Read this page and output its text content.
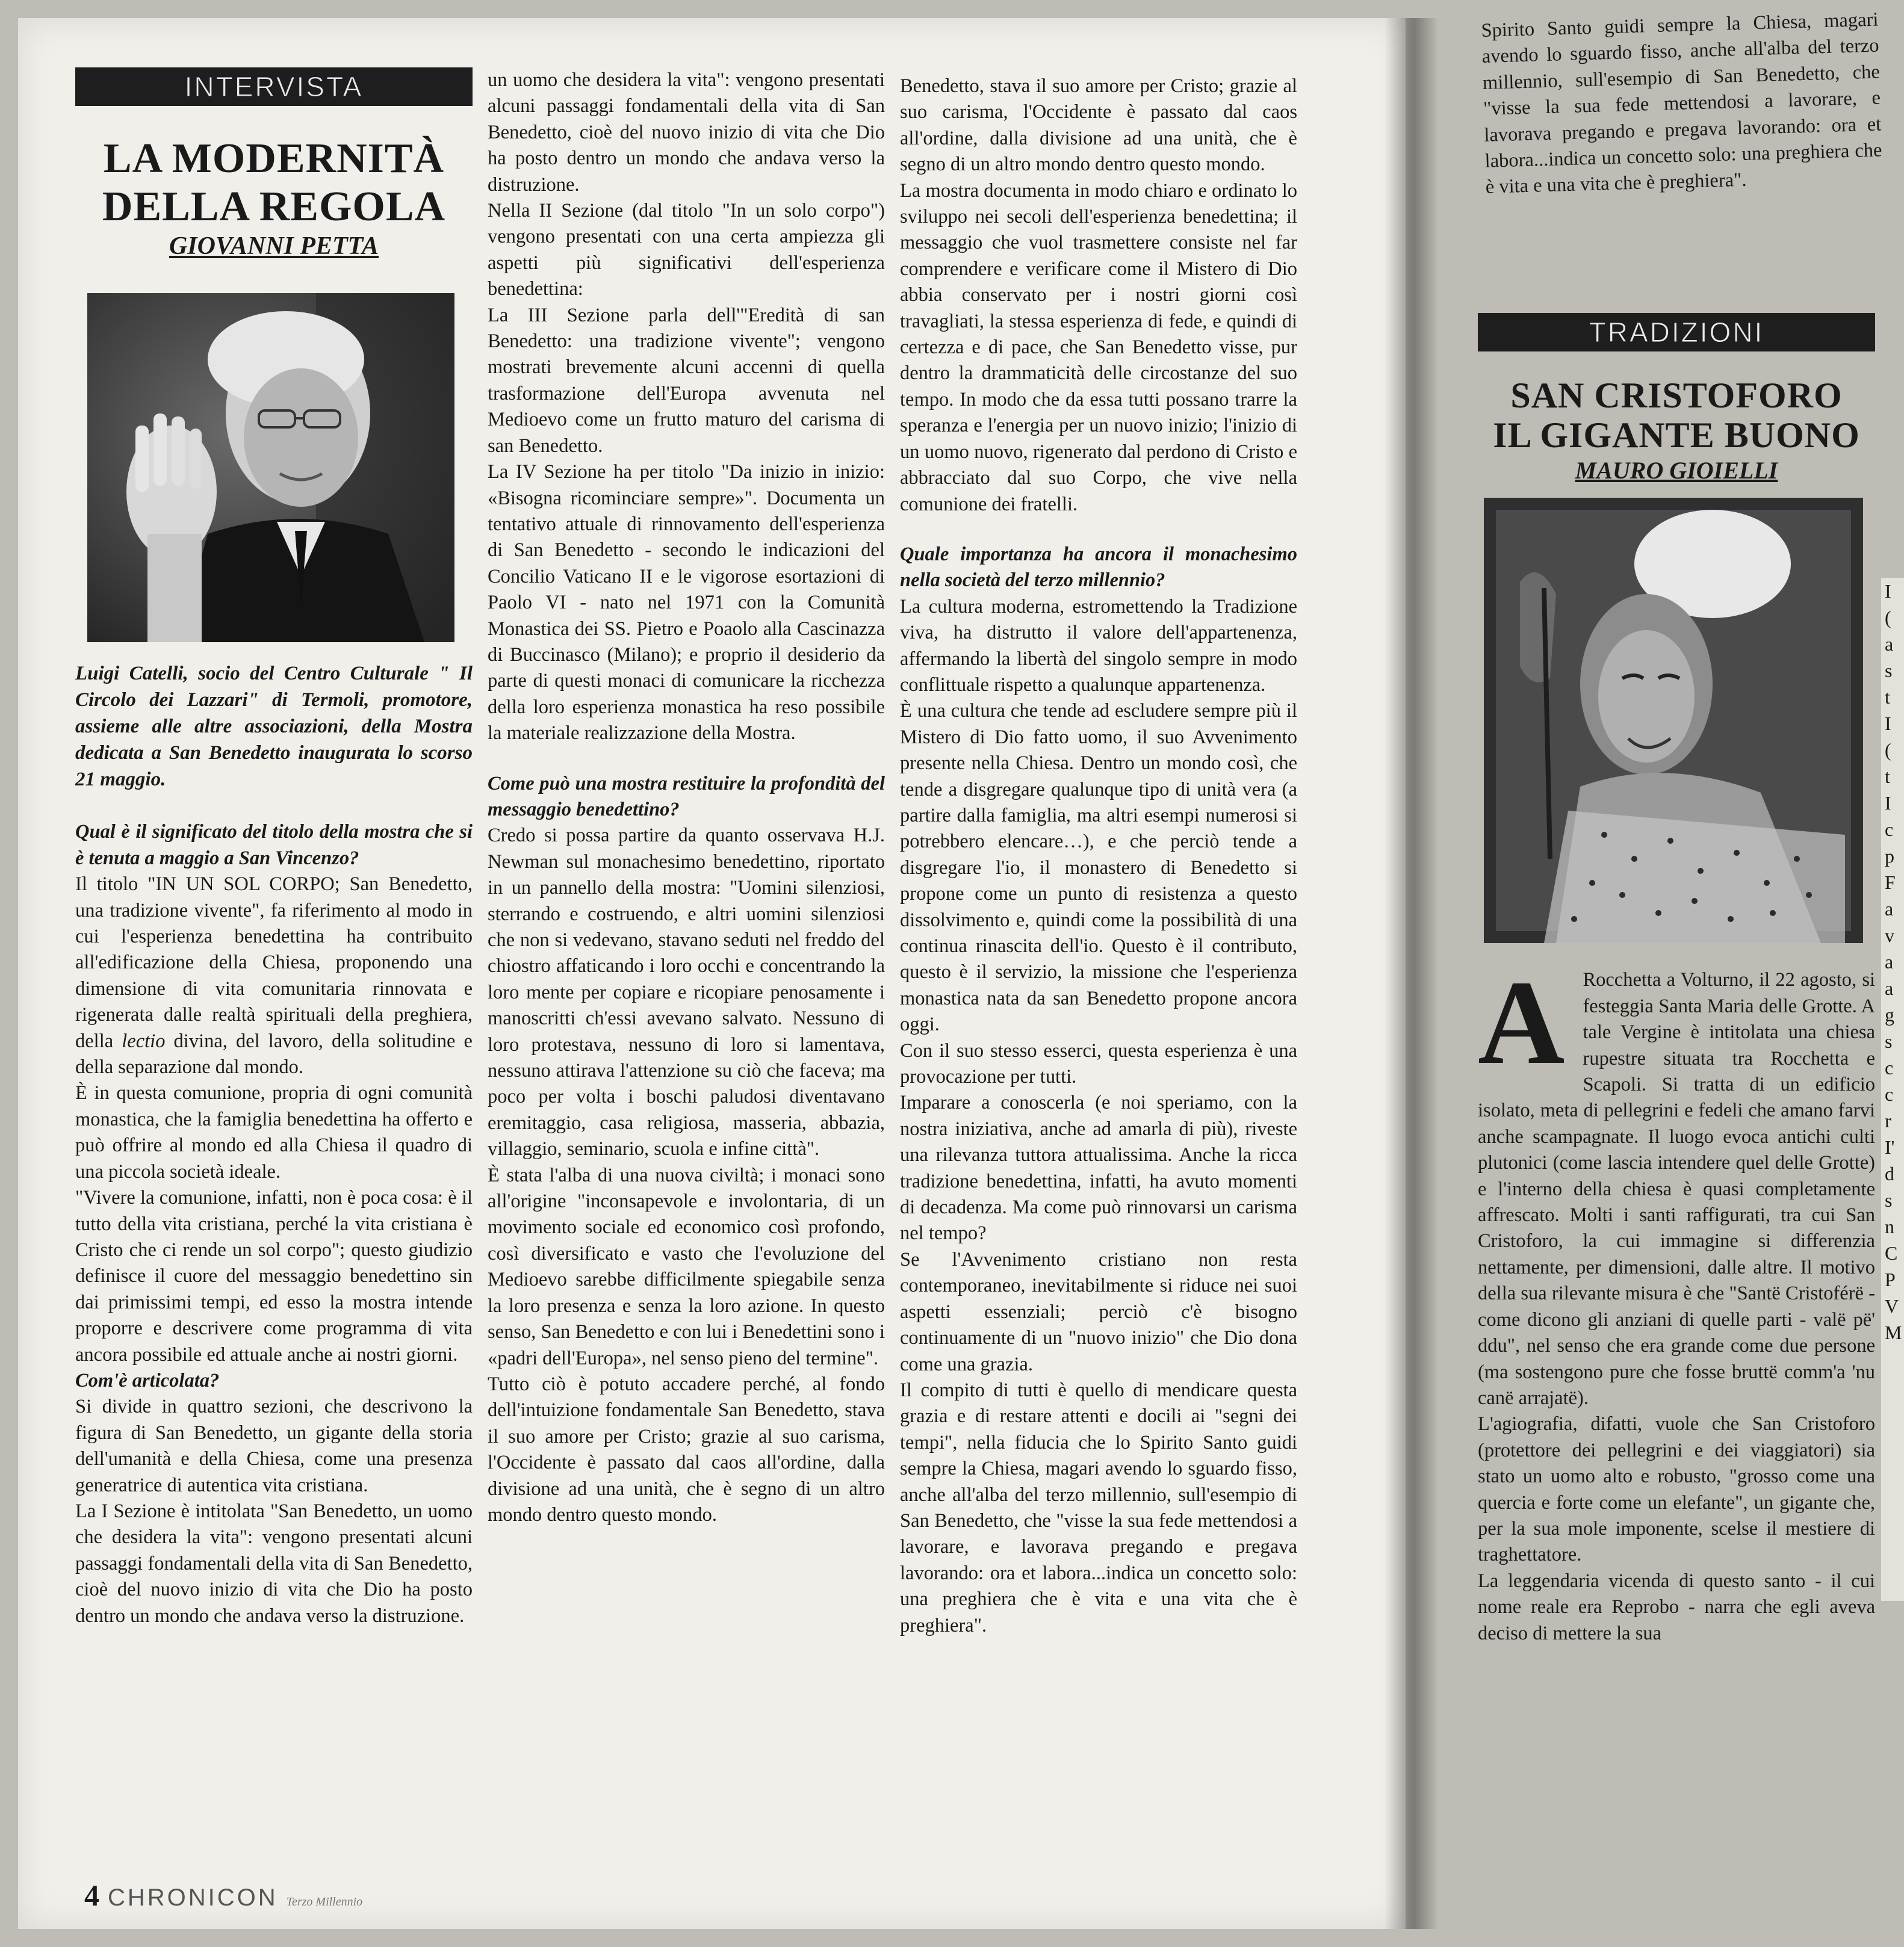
INTERVISTA
LA MODERNITÀ
DELLA REGOLA
GIOVANNI PETTA

Luigi Catelli, socio del Centro Culturale " Il Circolo dei Lazzari" di Termoli, promotore, assieme alle altre associazioni, della Mostra dedicata a San Benedetto inaugurata lo scorso 21 maggio.

Qual è il significato del titolo della mostra che si è tenuta a maggio a San Vincenzo?

Il titolo "IN UN SOL CORPO; San Benedetto, una tradizione vivente", fa riferimento al modo in cui l'esperienza benedettina ha contribuito all'edificazione della Chiesa, proponendo una dimensione di vita comunitaria rinnovata e rigenerata dalle realtà spirituali della preghiera, della lectio divina, del lavoro, della solitudine e della separazione dal mondo.

È in questa comunione, propria di ogni comunità monastica, che la famiglia benedettina ha offerto e può offrire al mondo ed alla Chiesa il quadro di una piccola società ideale.

"Vivere la comunione, infatti, non è poca cosa: è il tutto della vita cristiana, perché la vita cristiana è Cristo che ci rende un sol corpo"; questo giudizio definisce il cuore del messaggio benedettino sin dai primissimi tempi, ed esso la mostra intende proporre e descrivere come programma di vita ancora possibile ed attuale anche ai nostri giorni.

Com'è articolata?

Si divide in quattro sezioni, che descrivono la figura di San Benedetto, un gigante della storia dell'umanità e della Chiesa, come una presenza generatrice di autentica vita cristiana.

La I Sezione è intitolata "San Benedetto, un uomo che desidera la vita": vengono presentati alcuni passaggi fondamentali della vita di San Benedetto, cioè del nuovo inizio di vita che Dio ha posto dentro un mondo che andava verso la distruzione.

un uomo che desidera la vita": vengono presentati alcuni passaggi fondamentali della vita di San Benedetto, cioè del nuovo inizio di vita che Dio ha posto dentro un mondo che andava verso la distruzione.

Nella II Sezione (dal titolo "In un solo corpo") vengono presentati con una certa ampiezza gli aspetti più significativi dell'esperienza benedettina:

La III Sezione parla dell'"Eredità di san Benedetto: una tradizione vivente"; vengono mostrati brevemente alcuni accenni di quella trasformazione dell'Europa avvenuta nel Medioevo come un frutto maturo del carisma di san Benedetto.

La IV Sezione ha per titolo "Da inizio in inizio: «Bisogna ricominciare sempre»". Documenta un tentativo attuale di rinnovamento dell'esperienza di San Benedetto - secondo le indicazioni del Concilio Vaticano II e le vigorose esortazioni di Paolo VI - nato nel 1971 con la Comunità Monastica dei SS. Pietro e Poaolo alla Cascinazza di Buccinasco (Milano); e proprio il desiderio da parte di questi monaci di comunicare la ricchezza della loro esperienza monastica ha reso possibile la materiale realizzazione della Mostra.

Come può una mostra restituire la profondità del messaggio benedettino?

Credo si possa partire da quanto osservava H.J. Newman sul monachesimo benedettino, riportato in un pannello della mostra: "Uomini silenziosi, sterrando e costruendo, e altri uomini silenziosi che non si vedevano, stavano seduti nel freddo del chiostro affaticando i loro occhi e concentrando la loro mente per copiare e ricopiare penosamente i manoscritti ch'essi avevano salvato. Nessuno di loro protestava, nessuno di loro si lamentava, nessuno attirava l'attenzione su ciò che faceva; ma poco per volta i boschi paludosi diventavano eremitaggio, casa religiosa, masseria, abbazia, villaggio, seminario, scuola e infine città".

È stata l'alba di una nuova civiltà; i monaci sono all'origine "inconsapevole e involontaria, di un movimento sociale ed economico così profondo, così diversificato e vasto che l'evoluzione del Medioevo sarebbe difficilmente spiegabile senza la loro presenza e senza la loro azione. In questo senso, San Benedetto e con lui i Benedettini sono i «padri dell'Europa», nel senso pieno del termine".

Tutto ciò è potuto accadere perché, al fondo dell'intuizione fondamentale San Benedetto, stava il suo amore per Cristo; grazie al suo carisma, l'Occidente è passato dal caos all'ordine, dalla divisione ad una unità, che è segno di un altro mondo dentro questo mondo.

Benedetto, stava il suo amore per Cristo; grazie al suo carisma, l'Occidente è passato dal caos all'ordine, dalla divisione ad una unità, che è segno di un altro mondo dentro questo mondo.

La mostra documenta in modo chiaro e ordinato lo sviluppo nei secoli dell'esperienza benedettina; il messaggio che vuol trasmettere consiste nel far comprendere e verificare come il Mistero di Dio abbia conservato per i nostri giorni così travagliati, la stessa esperienza di fede, e quindi di certezza e di pace, che San Benedetto visse, pur dentro la drammaticità delle circostanze del suo tempo. In modo che da essa tutti possano trarre la speranza e l'energia per un nuovo inizio; l'inizio di un uomo nuovo, rigenerato dal perdono di Cristo e abbracciato dal suo Corpo, che vive nella comunione dei fratelli.

Quale importanza ha ancora il monachesimo nella società del terzo millennio?

La cultura moderna, estromettendo la Tradizione viva, ha distrutto il valore dell'appartenenza, affermando la libertà del singolo sempre in modo conflittuale rispetto a qualunque appartenenza.

È una cultura che tende ad escludere sempre più il Mistero di Dio fatto uomo, il suo Avvenimento presente nella Chiesa. Dentro un mondo così, che tende a disgregare qualunque tipo di unità vera (a partire dalla famiglia, ma altri esempi numerosi si potrebbero elencare…), e che perciò tende a disgregare l'io, il monastero di Benedetto si propone come un punto di resistenza a questo dissolvimento e, quindi come la possibilità di una continua rinascita dell'io. Questo è il contributo, questo è il servizio, la missione che l'esperienza monastica nata da san Benedetto propone ancora oggi.

Con il suo stesso esserci, questa esperienza è una provocazione per tutti.

Imparare a conoscerla (e noi speriamo, con la nostra iniziativa, anche ad amarla di più), riveste una rilevanza tuttora attualissima. Anche la ricca tradizione benedettina, infatti, ha avuto momenti di decadenza. Ma come può rinnovarsi un carisma nel tempo?

Se l'Avvenimento cristiano non resta contemporaneo, inevitabilmente si riduce nei suoi aspetti essenziali; perciò c'è bisogno continuamente di un "nuovo inizio" che Dio dona come una grazia.

Il compito di tutti è quello di mendicare questa grazia e di restare attenti e docili ai "segni dei tempi", nella fiducia che lo Spirito Santo guidi sempre la Chiesa, magari avendo lo sguardo fisso, anche all'alba del terzo millennio, sull'esempio di San Benedetto, che "visse la sua fede mettendosi a lavorare, e lavorava pregando e pregava lavorando: ora et labora...indica un concetto solo: una preghiera che è vita e una vita che è preghiera".

4 CHRONICON Terzo Millennio

Spirito Santo guidi sempre la Chiesa, magari avendo lo sguardo fisso, anche all'alba del terzo millennio, sull'esempio di San Benedetto, che "visse la sua fede mettendosi a lavorare, e lavorava pregando e pregava lavorando: ora et labora...indica un concetto solo: una preghiera che è vita e una vita che è preghiera".

TRADIZIONI
SAN CRISTOFORO
IL GIGANTE BUONO
MAURO GIOIELLI

A Rocchetta a Volturno, il 22 agosto, si festeggia Santa Maria delle Grotte. A tale Vergine è intitolata una chiesa rupestre situata tra Rocchetta e Scapoli. Si tratta di un edificio isolato, meta di pellegrini e fedeli che amano farvi anche scampagnate. Il luogo evoca antichi culti plutonici (come lascia intendere quel delle Grotte) e l'interno della chiesa è quasi completamente affrescato. Molti i santi raffigurati, tra cui San Cristoforo, la cui immagine si differenzia nettamente, per dimensioni, dalle altre. Il motivo della sua rilevante misura è che "Santë Cristoférë - come dicono gli anziani di quelle parti - valë pë' ddu", nel senso che era grande come due persone (ma sostengono pure che fosse bruttë comm'a 'nu canë arrajatë).

L'agiografia, difatti, vuole che San Cristoforo (protettore dei pellegrini e dei viaggiatori) sia stato un uomo alto e robusto, "grosso come una quercia e forte come un elefante", un gigante che, per la sua mole imponente, scelse il mestiere di traghettatore.

La leggendaria vicenda di questo santo - il cui nome reale era Reprobo - narra che egli aveva deciso di mettere la sua

I
(
a
s
t
I
(
t
I
c
p
F
a
v
a
a
g
s
c
c
r
I'
d
s
n
C
P
V
M
